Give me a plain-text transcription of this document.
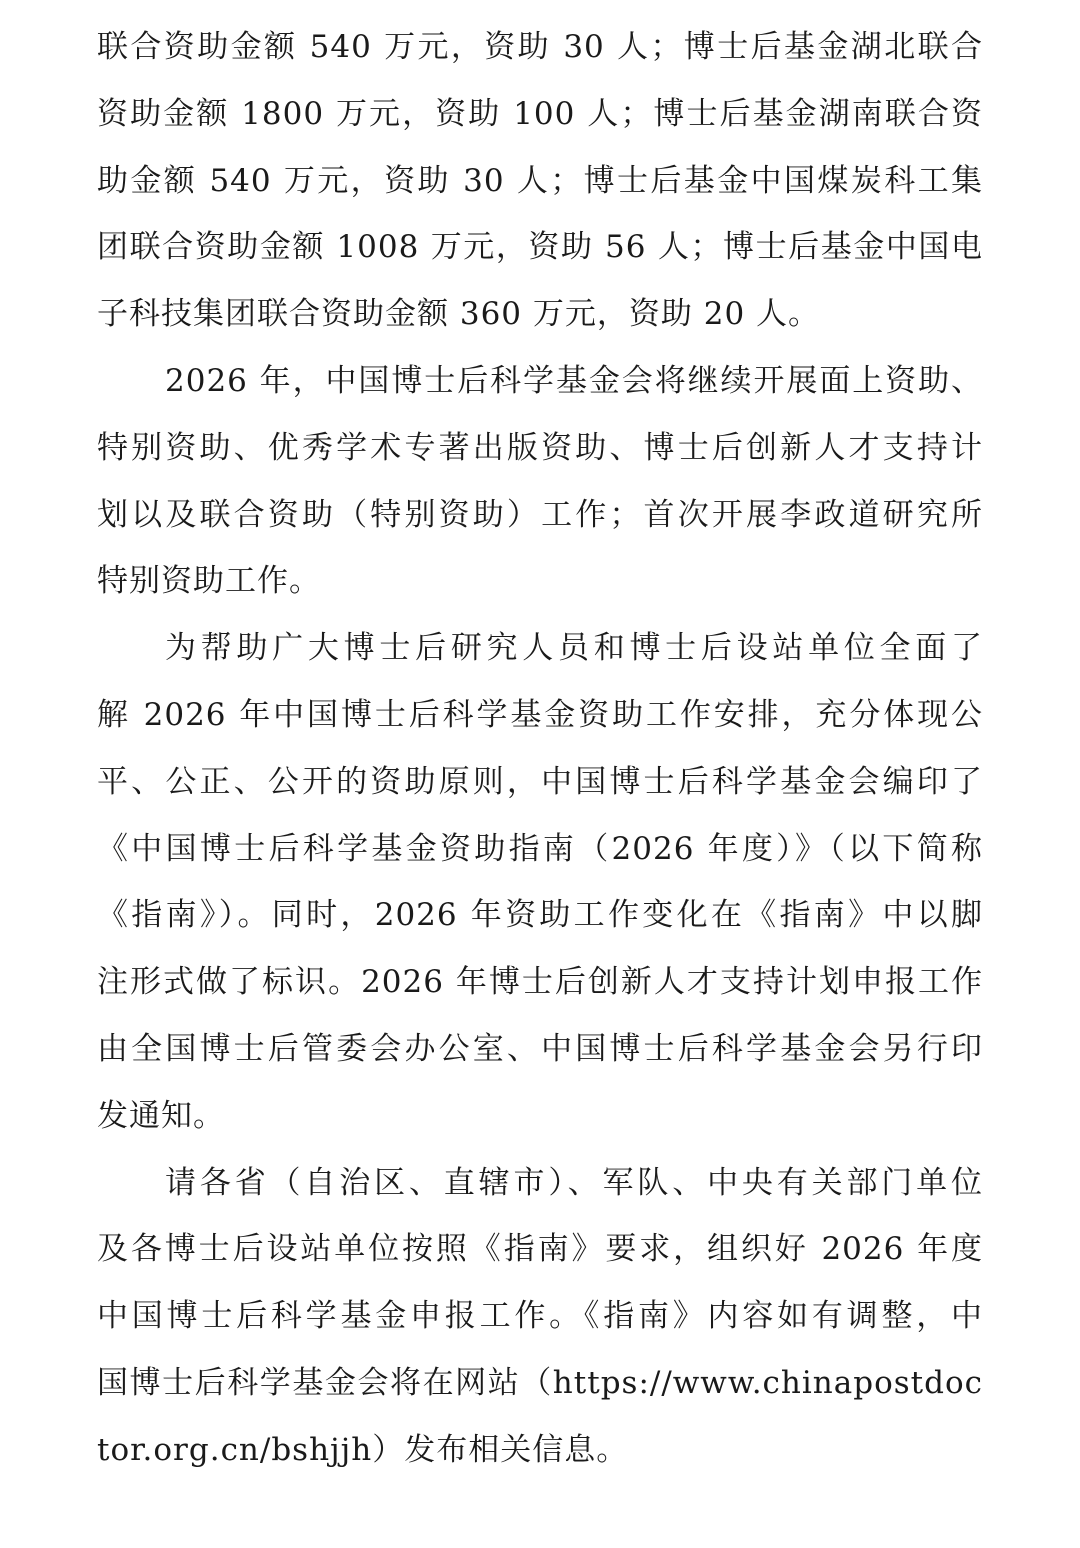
联合资助金额 540 万元，资助 30 人；博士后基金湖北联合
资助金额 1800 万元，资助 100 人；博士后基金湖南联合资
助金额 540 万元，资助 30 人；博士后基金中国煤炭科工集
团联合资助金额 1008 万元，资助 56 人；博士后基金中国电
子科技集团联合资助金额 360 万元，资助 20 人。
2026 年，中国博士后科学基金会将继续开展面上资助、
特别资助、优秀学术专著出版资助、博士后创新人才支持计
划以及联合资助（特别资助）工作；首次开展李政道研究所
特别资助工作。
为帮助广大博士后研究人员和博士后设站单位全面了
解 2026 年中国博士后科学基金资助工作安排，充分体现公
平、公正、公开的资助原则，中国博士后科学基金会编印了
《中国博士后科学基金资助指南（2026 年度）》（以下简称
《指南》）。同时，2026 年资助工作变化在《指南》中以脚
注形式做了标识。2026 年博士后创新人才支持计划申报工作
由全国博士后管委会办公室、中国博士后科学基金会另行印
发通知。
请各省（自治区、直辖市）、军队、中央有关部门单位
及各博士后设站单位按照《指南》要求，组织好 2026 年度
中国博士后科学基金申报工作。《指南》内容如有调整，中
国博士后科学基金会将在网站（https://www.chinapostdoc
tor.org.cn/bshjjh）发布相关信息。
